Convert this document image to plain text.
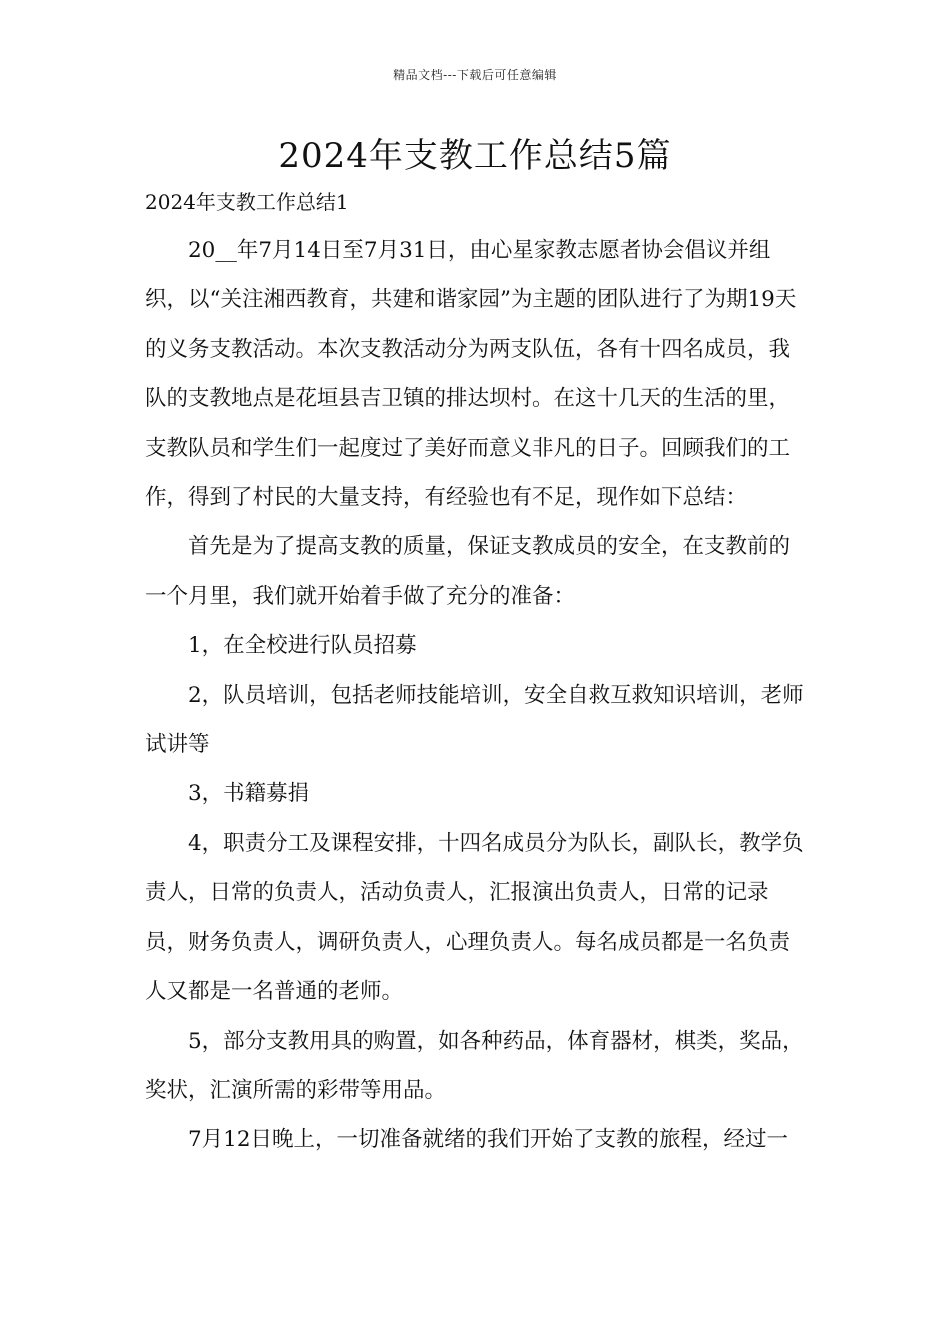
精品文档---下载后可任意编辑
2024年支教工作总结5篇
2024年支教工作总结1

20__年7月14日至7月31日，由心星家教志愿者协会倡议并组织，以“关注湘西教育，共建和谐家园”为主题的团队进行了为期19天的义务支教活动。本次支教活动分为两支队伍，各有十四名成员，我队的支教地点是花垣县吉卫镇的排达坝村。在这十几天的生活的里，支教队员和学生们一起度过了美好而意义非凡的日子。回顾我们的工作，得到了村民的大量支持，有经验也有不足，现作如下总结：

首先是为了提高支教的质量，保证支教成员的安全，在支教前的一个月里，我们就开始着手做了充分的准备：

1，在全校进行队员招募

2，队员培训，包括老师技能培训，安全自救互救知识培训，老师试讲等

3，书籍募捐

4，职责分工及课程安排，十四名成员分为队长，副队长，教学负责人，日常的负责人，活动负责人，汇报演出负责人，日常的记录员，财务负责人，调研负责人，心理负责人。每名成员都是一名负责人又都是一名普通的老师。

5，部分支教用具的购置，如各种药品，体育器材，棋类，奖品，奖状，汇演所需的彩带等用品。

7月12日晚上，一切准备就绪的我们开始了支教的旅程，经过一
